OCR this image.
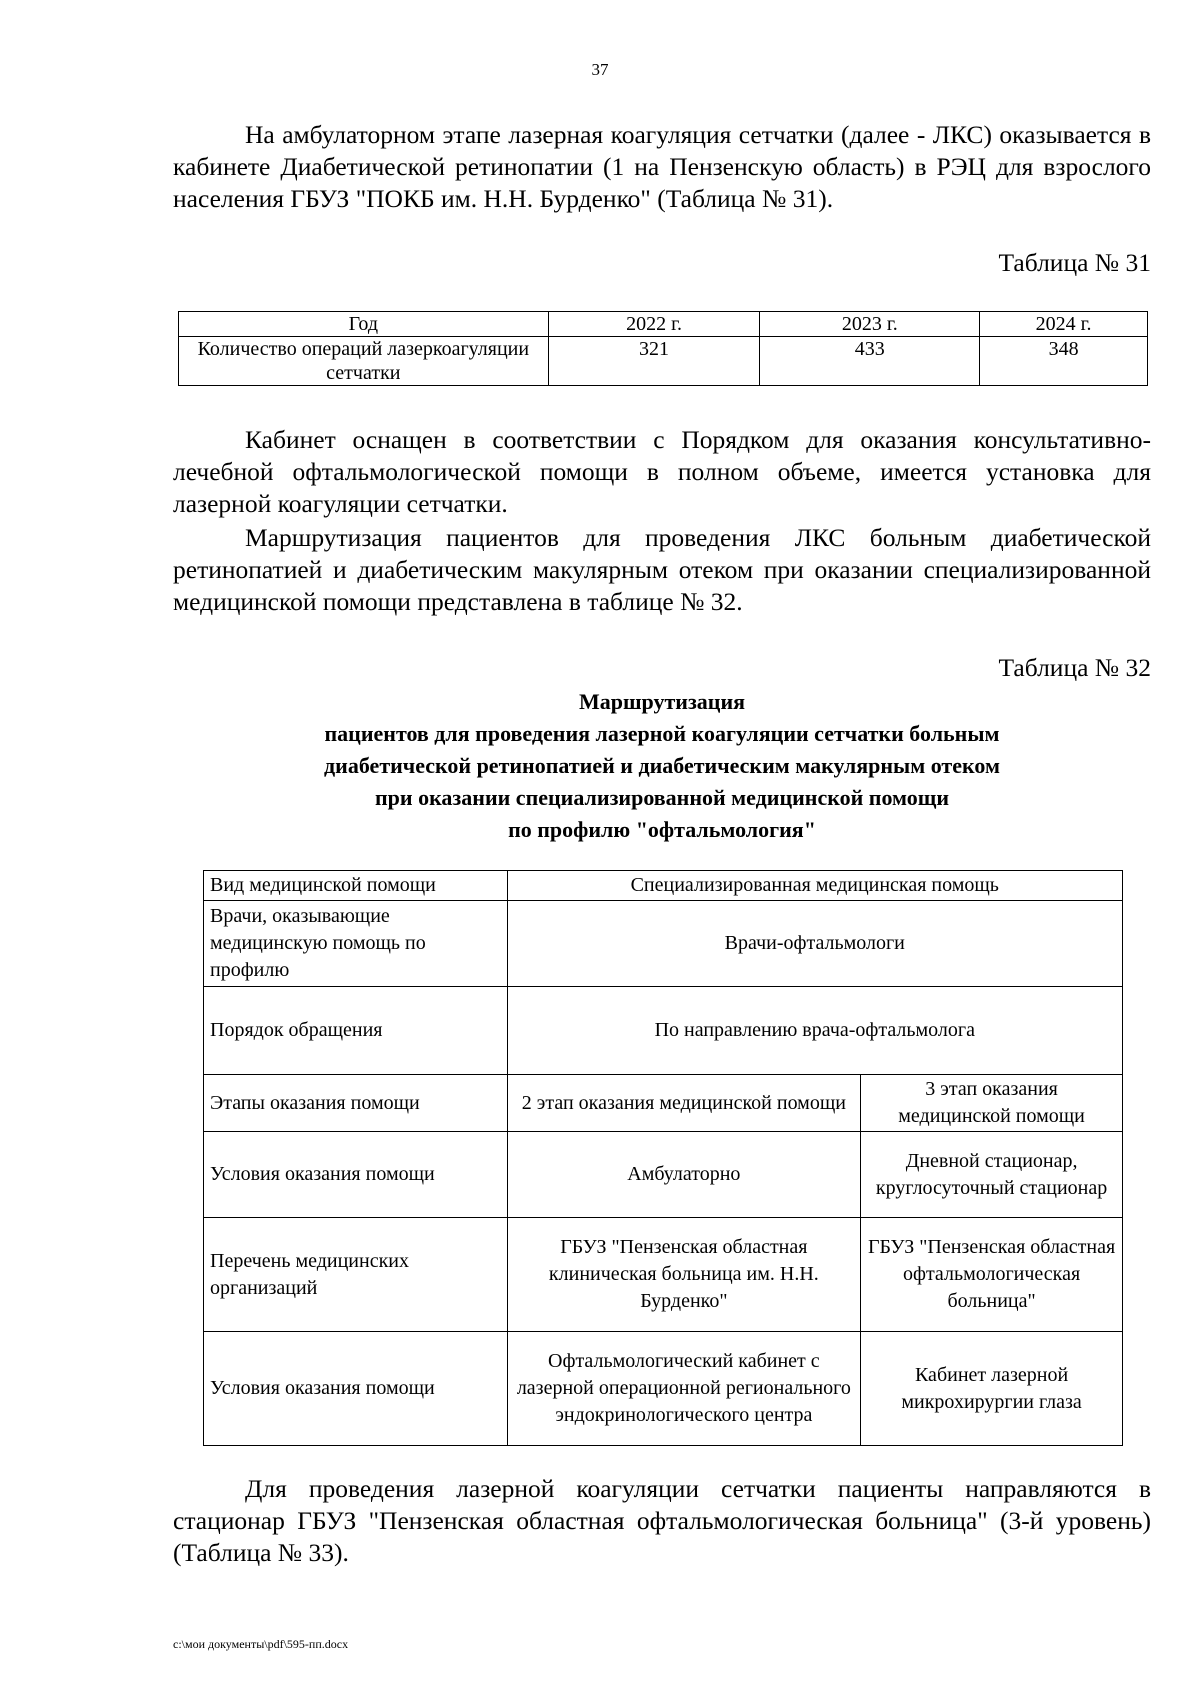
37
На амбулаторном этапе лазерная коагуляция сетчатки (далее - ЛКС) оказывается в кабинете Диабетической ретинопатии (1 на Пензенскую область) в РЭЦ для взрослого населения ГБУЗ "ПОКБ им. Н.Н. Бурденко" (Таблица № 31).
Таблица № 31
Год	2022 г.	2023 г.	2024 г.
Количество операций лазеркоагуляции сетчатки	321	433	348
Кабинет оснащен в соответствии с Порядком для оказания консультативно-лечебной офтальмологической помощи в полном объеме, имеется установка для лазерной коагуляции сетчатки.
Маршрутизация пациентов для проведения ЛКС больным диабетической ретинопатией и диабетическим макулярным отеком при оказании специализированной медицинской помощи представлена в таблице № 32.
Таблица № 32
Маршрутизация
пациентов для проведения лазерной коагуляции сетчатки больным
диабетической ретинопатией и диабетическим макулярным отеком
при оказании специализированной медицинской помощи
по профилю "офтальмология"
Вид медицинской помощи	Специализированная медицинская помощь	
Врачи, оказывающие медицинскую помощь по профилю	Врачи-офтальмологи	
Порядок обращения	По направлению врача-офтальмолога	
Этапы оказания помощи	2 этап оказания медицинской помощи	3 этап оказания медицинской помощи
Условия оказания помощи	Амбулаторно	Дневной стационар, круглосуточный стационар
Перечень медицинских организаций	ГБУЗ "Пензенская областная клиническая больница им. Н.Н. Бурденко"	ГБУЗ "Пензенская областная офтальмологическая больница"
Условия оказания помощи	Офтальмологический кабинет с лазерной операционной регионального эндокринологического центра	Кабинет лазерной микрохирургии глаза
Для проведения лазерной коагуляции сетчатки пациенты направляются в стационар ГБУЗ "Пензенская областная офтальмологическая больница" (3-й уровень) (Таблица № 33).
c:\мои документы\pdf\595-пп.docx
